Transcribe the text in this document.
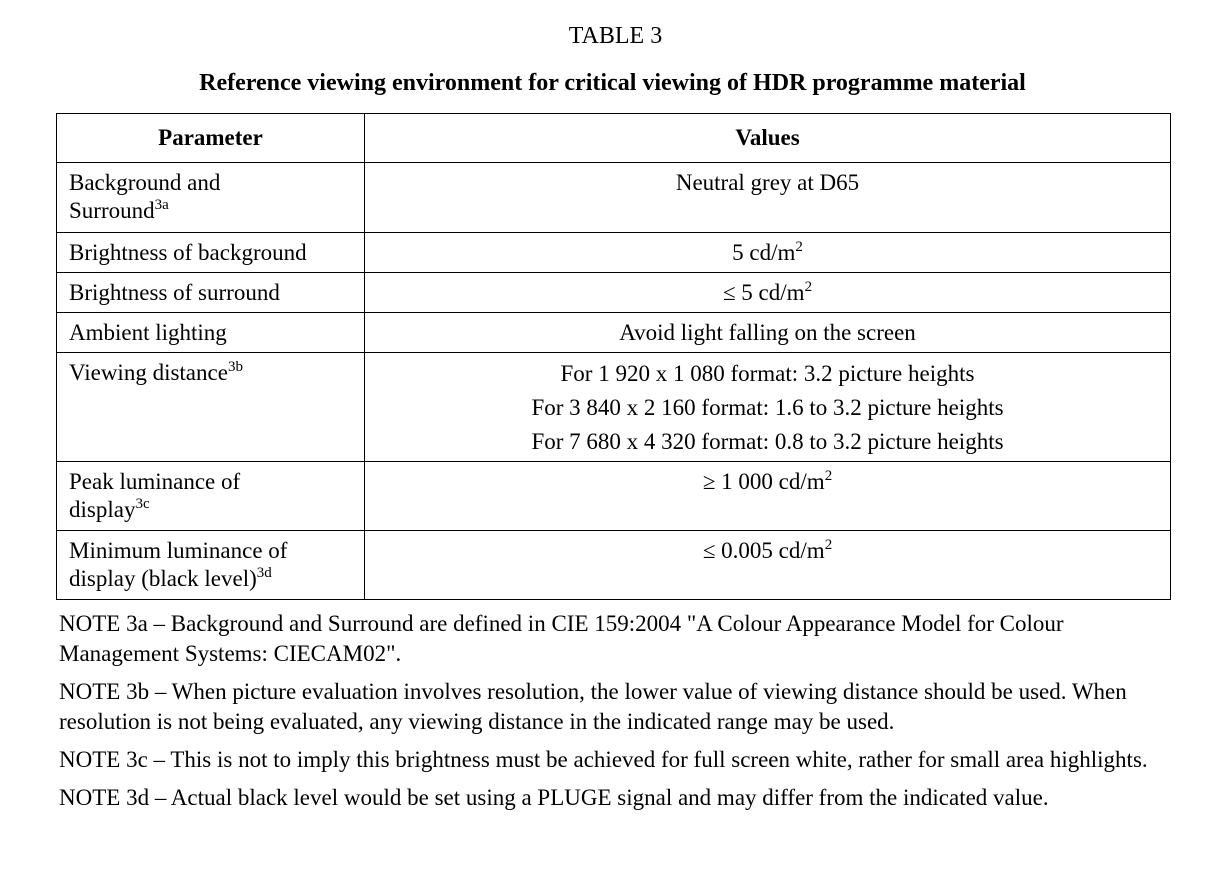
TABLE 3
Reference viewing environment for critical viewing of HDR programme material
Parameter	Values
Background and
Surround$^{3a}$	Neutral grey at D65
Brightness of background	5 $cd/m^2$
Brightness of surround	≤ 5 $cd/m^2$
Ambient lighting	Avoid light falling on the screen
Viewing distance$^{3b}$	For 1 920 x 1 080 format: 3.2 picture heights
For 3 840 x 2 160 format: 1.6 to 3.2 picture heights
For 7 680 x 4 320 format: 0.8 to 3.2 picture heights

Peak luminance of
display$^{3c}$	≥ 1 000 $cd/m^2$
Minimum luminance of
display (black level)$^{3d}$	≤ 0.005 $cd/m^2$

NOTE 3a – Background and Surround are defined in CIE 159:2004 "A Colour Appearance Model for Colour Management Systems: CIECAM02".

NOTE 3b – When picture evaluation involves resolution, the lower value of viewing distance should be used. When resolution is not being evaluated, any viewing distance in the indicated range may be used.

NOTE 3c – This is not to imply this brightness must be achieved for full screen white, rather for small area highlights.

NOTE 3d – Actual black level would be set using a PLUGE signal and may differ from the indicated value.
